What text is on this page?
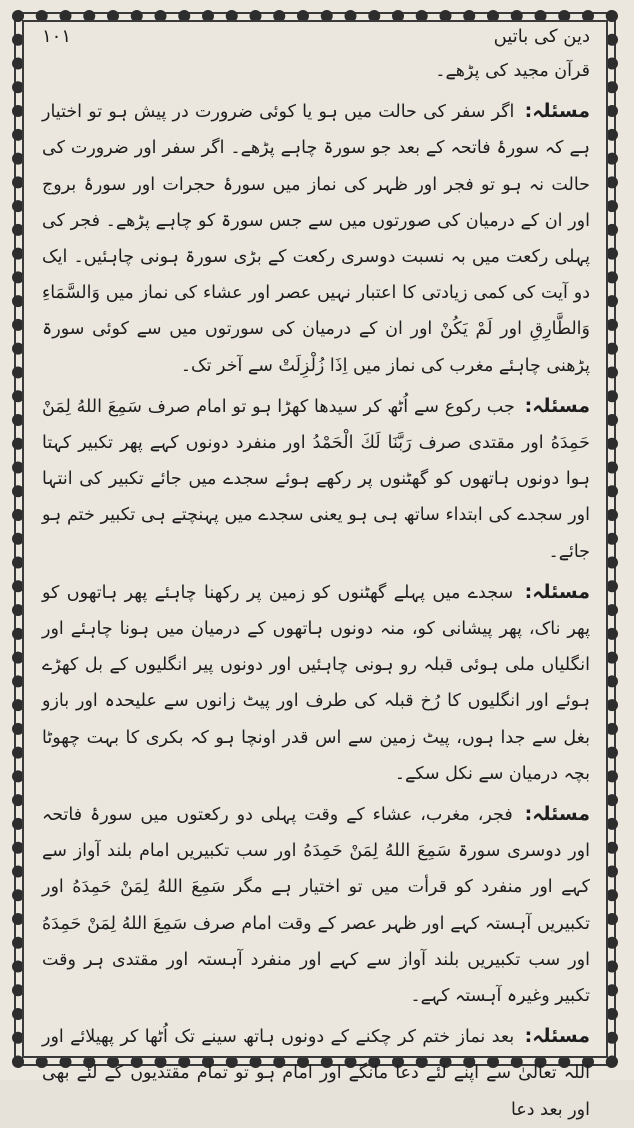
دین کی باتیں
۱۰۱

قرآن مجید کی پڑھے۔

مسئلہ: اگر سفر کی حالت میں ہو یا کوئی ضرورت در پیش ہو تو اختیار ہے کہ سورۂ فاتحہ کے بعد جو سورۃ چاہے پڑھے۔ اگر سفر اور ضرورت کی حالت نہ ہو تو فجر اور ظہر کی نماز میں سورۂ حجرات اور سورۂ بروج اور ان کے درمیان کی صورتوں میں سے جس سورۃ کو چاہے پڑھے۔ فجر کی پہلی رکعت میں بہ نسبت دوسری رکعت کے بڑی سورۃ ہونی چاہئیں۔ ایک دو آیت کی کمی زیادتی کا اعتبار نہیں عصر اور عشاء کی نماز میں وَالسَّمَاءِ وَالطَّارِقِ اور لَمْ يَكُنْ اور ان کے درمیان کی سورتوں میں سے کوئی سورۃ پڑھنی چاہئے مغرب کی نماز میں اِذَا زُلْزِلَتْ سے آخر تک۔

مسئلہ: جب رکوع سے اُٹھ کر سیدھا کھڑا ہو تو امام صرف سَمِعَ اللهُ لِمَنْ حَمِدَهُ اور مقتدی صرف رَبَّنَا لَكَ الْحَمْدُ اور منفرد دونوں کہے پھر تکبیر کہتا ہوا دونوں ہاتھوں کو گھٹنوں پر رکھے ہوئے سجدے میں جائے تکبیر کی انتہا اور سجدے کی ابتداء ساتھ ہی ہو یعنی سجدے میں پہنچتے ہی تکبیر ختم ہو جائے۔

مسئلہ: سجدے میں پہلے گھٹنوں کو زمین پر رکھنا چاہئے پھر ہاتھوں کو پھر ناک، پھر پیشانی کو، منہ دونوں ہاتھوں کے درمیان میں ہونا چاہئے اور انگلیاں ملی ہوئی قبلہ رو ہونی چاہئیں اور دونوں پیر انگلیوں کے بل کھڑے ہوئے اور انگلیوں کا رُخ قبلہ کی طرف اور پیٹ زانوں سے علیحدہ اور بازو بغل سے جدا ہوں، پیٹ زمین سے اس قدر اونچا ہو کہ بکری کا بہت چھوٹا بچہ درمیان سے نکل سکے۔

مسئلہ: فجر، مغرب، عشاء کے وقت پہلی دو رکعتوں میں سورۂ فاتحہ اور دوسری سورۃ سَمِعَ اللهُ لِمَنْ حَمِدَهُ اور سب تکبیریں امام بلند آواز سے کہے اور منفرد کو قرأت میں تو اختیار ہے مگر سَمِعَ اللهُ لِمَنْ حَمِدَهُ اور تکبیریں آہستہ کہے اور ظہر عصر کے وقت امام صرف سَمِعَ اللهُ لِمَنْ حَمِدَهُ اور سب تکبیریں بلند آواز سے کہے اور منفرد آہستہ اور مقتدی ہر وقت تکبیر وغیرہ آہستہ کہے۔

مسئلہ: بعد نماز ختم کر چکنے کے دونوں ہاتھ سینے تک اُٹھا کر پھیلائے اور اللہ تعالیٰ سے اپنے لئے دعا مانگے اور امام ہو تو تمام مقتدیوں کے لئے بھی اور بعد دعا
